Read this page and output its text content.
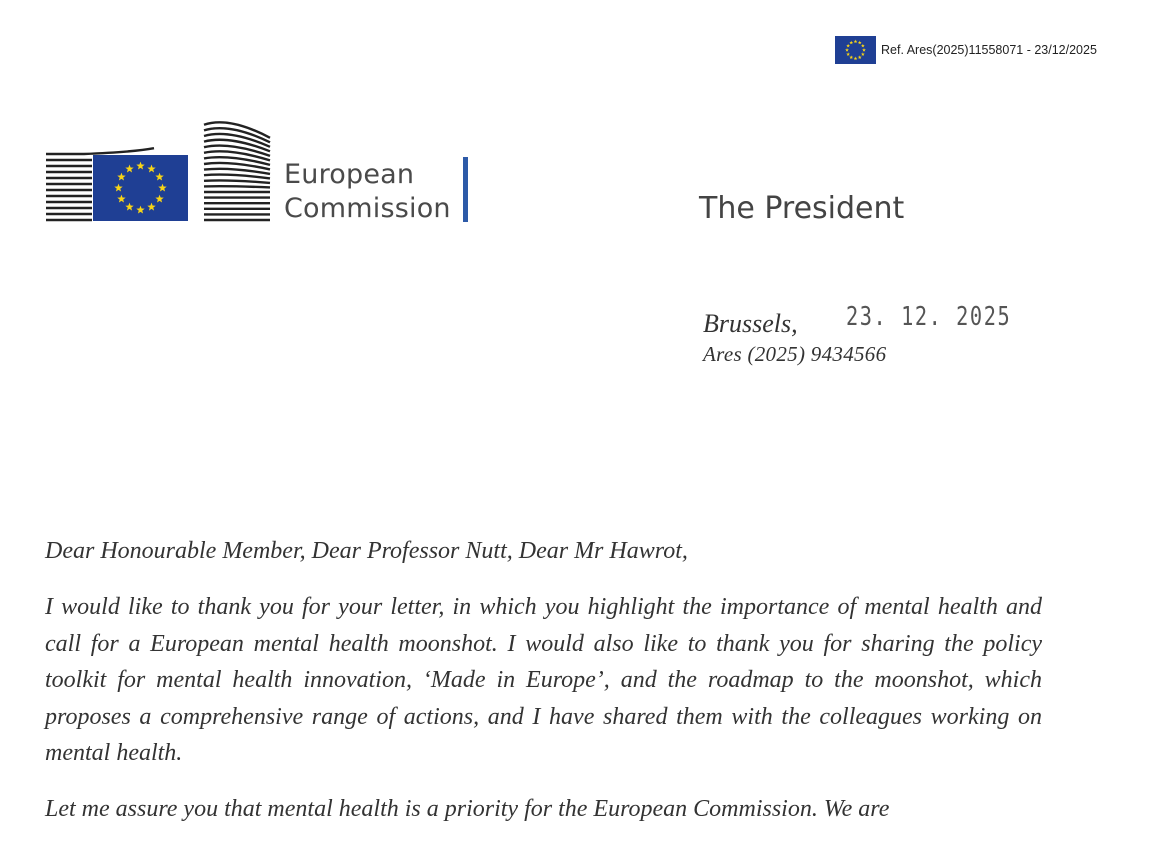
Ref. Ares(2025)11558071 - 23/12/2025
European
Commission	The President
Brussels, 23. 12. 2025
Ares (2025) 9434566

Dear Honourable Member, Dear Professor Nutt, Dear Mr Hawrot,

I would like to thank you for your letter, in which you highlight the importance of mental health and call for a European mental health moonshot. I would also like to thank you for sharing the policy toolkit for mental health innovation, ‘Made in Europe’, and the roadmap to the moonshot, which proposes a comprehensive range of actions, and I have shared them with the colleagues working on mental health.

Let me assure you that mental health is a priority for the European Commission. We are
